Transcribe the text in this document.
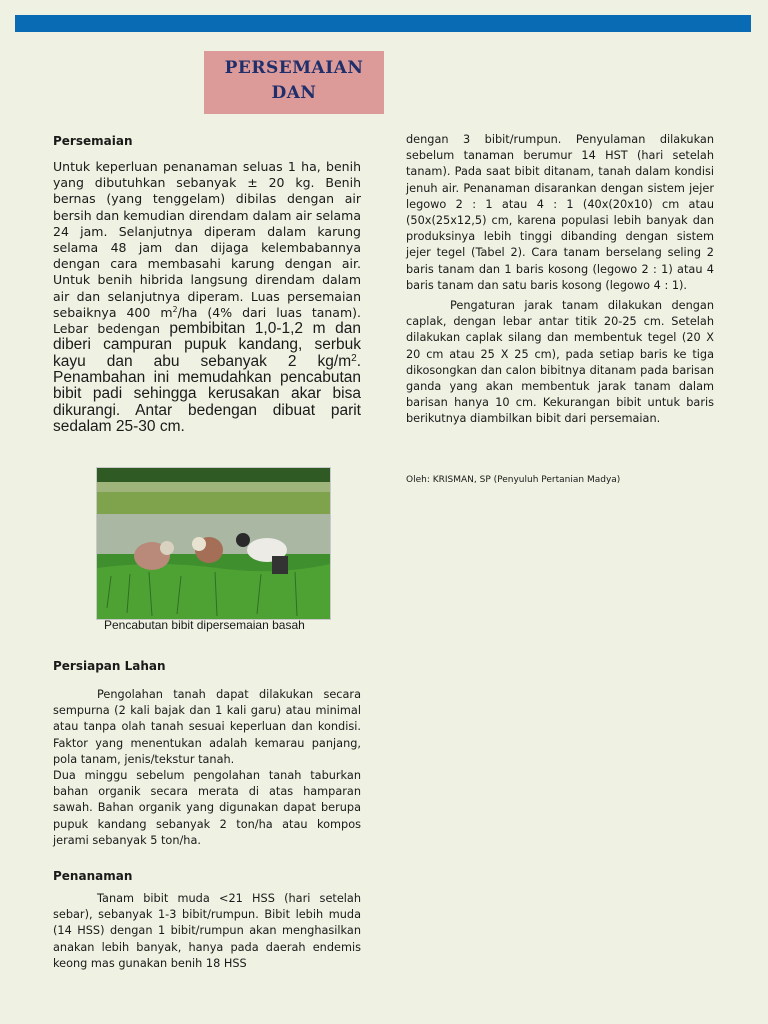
PERSEMAIAN
DAN
Persemaian

Untuk keperluan penanaman seluas 1 ha, benih yang dibutuhkan sebanyak ± 20 kg. Benih bernas (yang tenggelam) dibilas dengan air bersih dan kemudian direndam dalam air selama 24 jam. Selanjutnya diperam dalam karung selama 48 jam dan dijaga kelembabannya dengan cara membasahi karung dengan air. Untuk benih hibrida langsung direndam dalam air dan selanjutnya diperam. Luas persemaian sebaiknya 400 $m^2/ha$ (4% dari luas tanam). Lebar bedengan pembibitan 1,0-1,2 m dan diberi campuran pupuk kandang, serbuk kayu dan abu sebanyak 2 $kg/m^2$. Penambahan ini memudahkan pencabutan bibit padi sehingga kerusakan akar bisa dikurangi. Antar bedengan dibuat parit sedalam 25-30 cm.

Pencabutan bibit dipersemaian basah
Persiapan Lahan

Pengolahan tanah dapat dilakukan secara sempurna (2 kali bajak dan 1 kali garu) atau minimal atau tanpa olah tanah sesuai keperluan dan kondisi. Faktor yang menentukan adalah kemarau panjang, pola tanam, jenis/tekstur tanah.

Dua minggu sebelum pengolahan tanah taburkan bahan organik secara merata di atas hamparan sawah. Bahan organik yang digunakan dapat berupa pupuk kandang sebanyak 2 ton/ha atau kompos jerami sebanyak 5 ton/ha.

Penanaman

Tanam bibit muda <21 HSS (hari setelah sebar), sebanyak 1-3 bibit/rumpun. Bibit lebih muda (14 HSS) dengan 1 bibit/rumpun akan menghasilkan anakan lebih banyak, hanya pada daerah endemis keong mas gunakan benih 18 HSS

dengan 3 bibit/rumpun. Penyulaman dilakukan sebelum tanaman berumur 14 HST (hari setelah tanam). Pada saat bibit ditanam, tanah dalam kondisi jenuh air. Penanaman disarankan dengan sistem jejer legowo 2 : 1 atau 4 : 1 (40x(20x10) cm atau (50x(25x12,5) cm, karena populasi lebih banyak dan produksinya lebih tinggi dibanding dengan sistem jejer tegel (Tabel 2). Cara tanam berselang seling 2 baris tanam dan 1 baris kosong (legowo 2 : 1) atau 4 baris tanam dan satu baris kosong (legowo 4 : 1).

Pengaturan jarak tanam dilakukan dengan caplak, dengan lebar antar titik 20-25 cm. Setelah dilakukan caplak silang dan membentuk tegel (20 X 20 cm atau 25 X 25 cm), pada setiap baris ke tiga dikosongkan dan calon bibitnya ditanam pada barisan ganda yang akan membentuk jarak tanam dalam barisan hanya 10 cm. Kekurangan bibit untuk baris berikutnya diambilkan bibit dari persemaian.

Oleh: KRISMAN, SP (Penyuluh Pertanian Madya)
